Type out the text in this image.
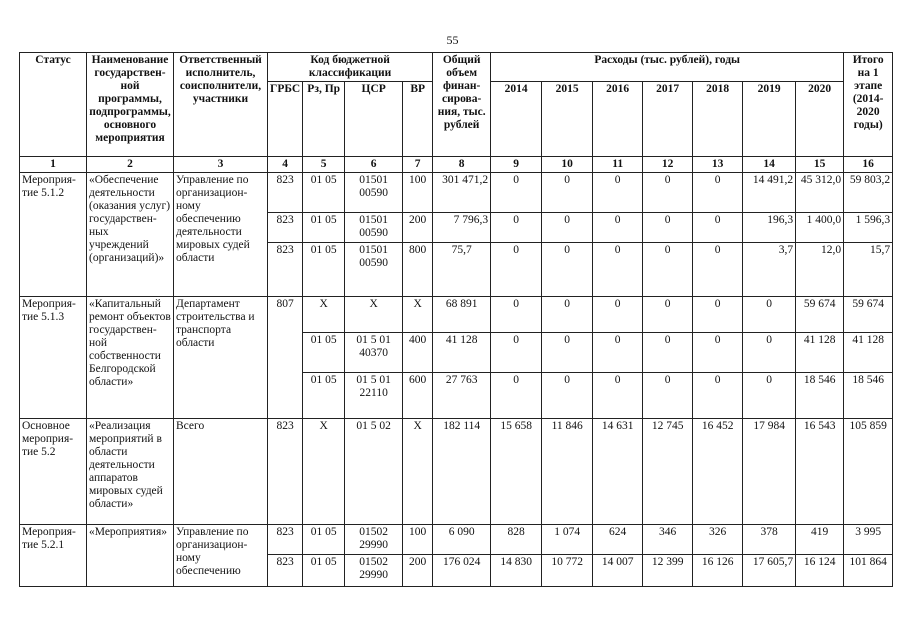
55
Статус	Наименование государствен-ной программы, подпрограммы, основного мероприятия	Ответственный исполнитель, соисполнители, участники	Код бюджетной классификации				Общий объем финан-сирова-ния, тыс. рублей	Расходы (тыс. рублей), годы							Итого на 1 этапе (2014-2020 годы)
			ГРБС	Рз, Пр	ЦСР	ВР		2014	2015	2016	2017	2018	2019	2020	
1	2	3	4	5	6	7	8	9	10	11	12	13	14	15	16
Мероприя-тие 5.1.2	«Обеспечение деятельности (оказания услуг) государствен-ных учреждений (организаций)»	Управление по организацион-ному обеспечению деятельности мировых судей области	823	01 05	01501 00590	100	301 471,2	0	0	0	0	0	14 491,2	45 312,0	59 803,2
			823	01 05	01501 00590	200	7 796,3	0	0	0	0	0	196,3	1 400,0	1 596,3
			823	01 05	01501 00590	800	75,7	0	0	0	0	0	3,7	12,0	15,7
Мероприя-тие 5.1.3	«Капитальный ремонт объектов государствен-ной собственности Белгородской области»	Департамент строительства и транспорта области	807	Х	Х	Х	68 891	0	0	0	0	0	0	59 674	59 674
				01 05	01 5 01 40370	400	41 128	0	0	0	0	0	0	41 128	41 128
				01 05	01 5 01 22110	600	27 763	0	0	0	0	0	0	18 546	18 546
Основное мероприя-тие 5.2	«Реализация мероприятий в области деятельности аппаратов мировых судей области»	Всего	823	Х	01 5 02	Х	182 114	15 658	11 846	14 631	12 745	16 452	17 984	16 543	105 859
Мероприя-тие 5.2.1	«Мероприятия»	Управление по организацион-ному обеспечению	823	01 05	01502 29990	100	6 090	828	1 074	624	346	326	378	419	3 995
			823	01 05	01502 29990	200	176 024	14 830	10 772	14 007	12 399	16 126	17 605,7	16 124	101 864
